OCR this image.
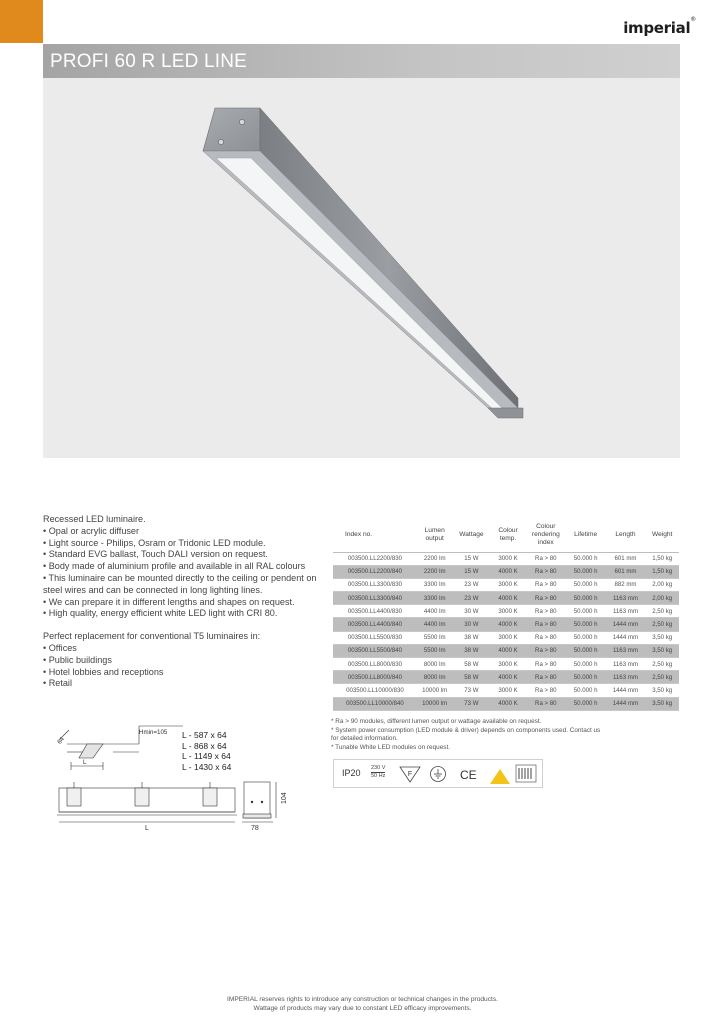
imperial®
PROFI 60 R LED LINE

Recessed LED luminaire.

• Opal or acrylic diffuser

• Light source - Philips, Osram or Tridonic LED module.

• Standard EVG ballast, Touch DALI version on request.

• Body made of aluminium profile and available in all RAL colours

• This luminaire can be mounted directly to the ceiling or pendent on

steel wires and can be connected in long lighting lines.

• We can prepare it in different lengths and shapes on request.

• High quality, energy efficient white LED light with CRI 80.

Perfect replacement for conventional T5 luminaires in:

• Offices

• Public buildings

• Hotel lobbies and receptions

• Retail

Index no.	Lumen output	Wattage	Colour temp.	Colour rendering index	Lifetime	Length	Weight
003500.LL2200/830	2200 lm	15 W	3000 K	Ra > 80	50.000 h	601 mm	1,50 kg
003500.LL2200/840	2200 lm	15 W	4000 K	Ra > 80	50.000 h	601 mm	1,50 kg
003500.LL3300/830	3300 lm	23 W	3000 K	Ra > 80	50.000 h	882 mm	2,00 kg
003500.LL3300/840	3300 lm	23 W	4000 K	Ra > 80	50.000 h	1163 mm	2,00 kg
003500.LL4400/830	4400 lm	30 W	3000 K	Ra > 80	50.000 h	1163 mm	2,50 kg
003500.LL4400/840	4400 lm	30 W	4000 K	Ra > 80	50.000 h	1444 mm	2,50 kg
003500.LL5500/830	5500 lm	38 W	3000 K	Ra > 80	50.000 h	1444 mm	3,50 kg
003500.LL5500/840	5500 lm	38 W	4000 K	Ra > 80	50.000 h	1163 mm	3,50 kg
003500.LL8000/830	8000 lm	58 W	3000 K	Ra > 80	50.000 h	1163 mm	2,50 kg
003500.LL8000/840	8000 lm	58 W	4000 K	Ra > 80	50.000 h	1163 mm	2,50 kg
003500.LL10000/830	10000 lm	73 W	3000 K	Ra > 80	50.000 h	1444 mm	3,50 kg
003500.LL10000/840	10000 lm	73 W	4000 K	Ra > 80	50.000 h	1444 mm	3,50 kg

* Ra > 90 modules, different lumen output or wattage available on request.

* System power consumption (LED module & driver) depends on components used. Contact us

for detailed information.

* Tunable White LED modules on request.

IP20 230 V
50 Hz	F	CE
Hmin=105
64
L
L
104
78

L - 587 x 64

L - 868 x 64

L - 1149 x 64

L - 1430 x 64

IMPERIAL reserves rights to introduce any construction or technical changes in the products.

Wattage of products may vary due to constant LED efficacy improvements.
